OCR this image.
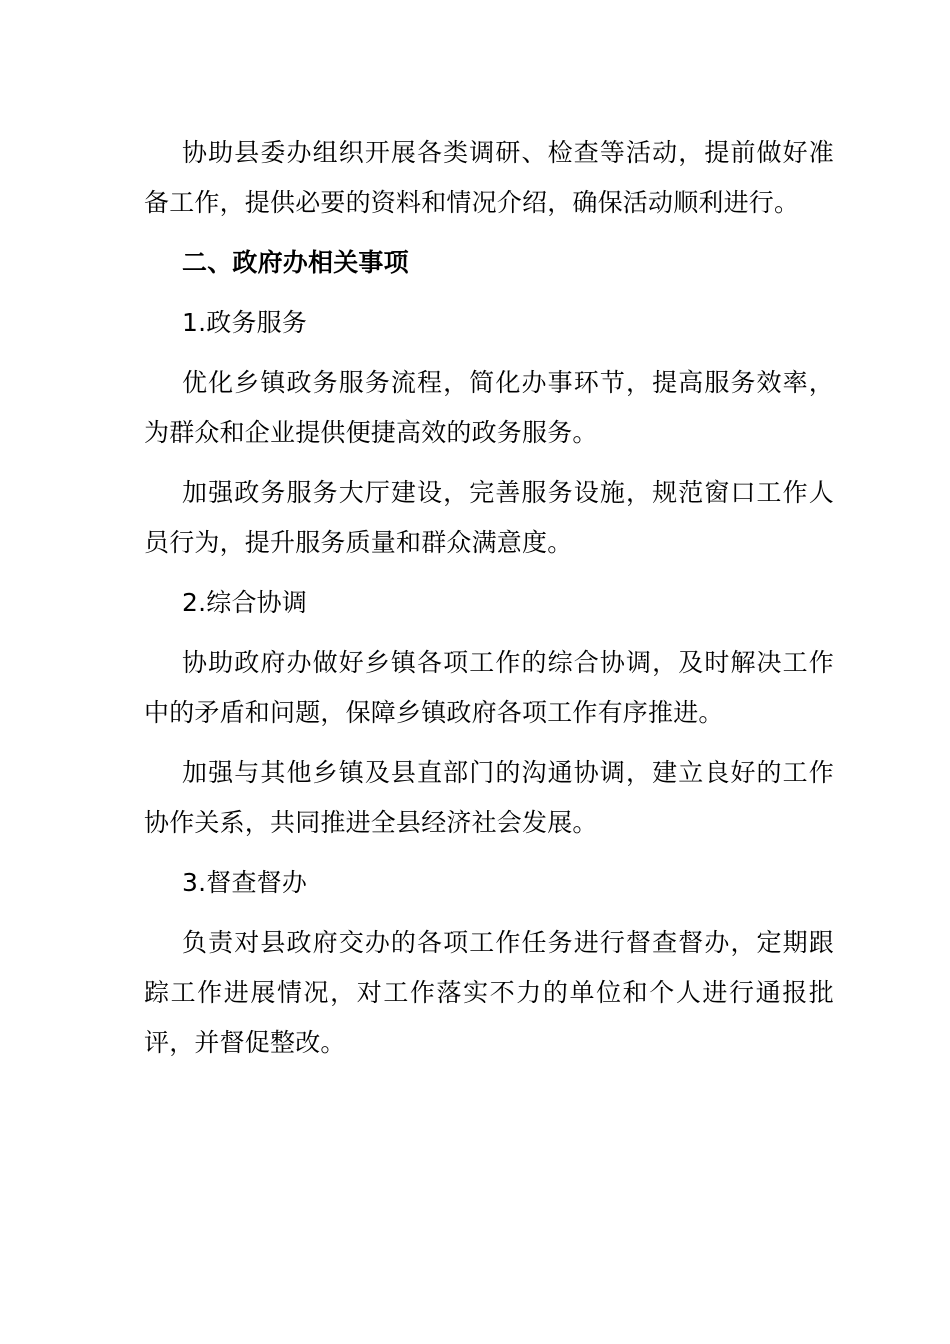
协助县委办组织开展各类调研、检查等活动，提前做好准备工作，提供必要的资料和情况介绍，确保活动顺利进行。

二、政府办相关事项

1.政务服务

优化乡镇政务服务流程，简化办事环节，提高服务效率，为群众和企业提供便捷高效的政务服务。

加强政务服务大厅建设，完善服务设施，规范窗口工作人员行为，提升服务质量和群众满意度。

2.综合协调

协助政府办做好乡镇各项工作的综合协调，及时解决工作中的矛盾和问题，保障乡镇政府各项工作有序推进。

加强与其他乡镇及县直部门的沟通协调，建立良好的工作协作关系，共同推进全县经济社会发展。

3.督查督办

负责对县政府交办的各项工作任务进行督查督办，定期跟踪工作进展情况，对工作落实不力的单位和个人进行通报批评，并督促整改。
